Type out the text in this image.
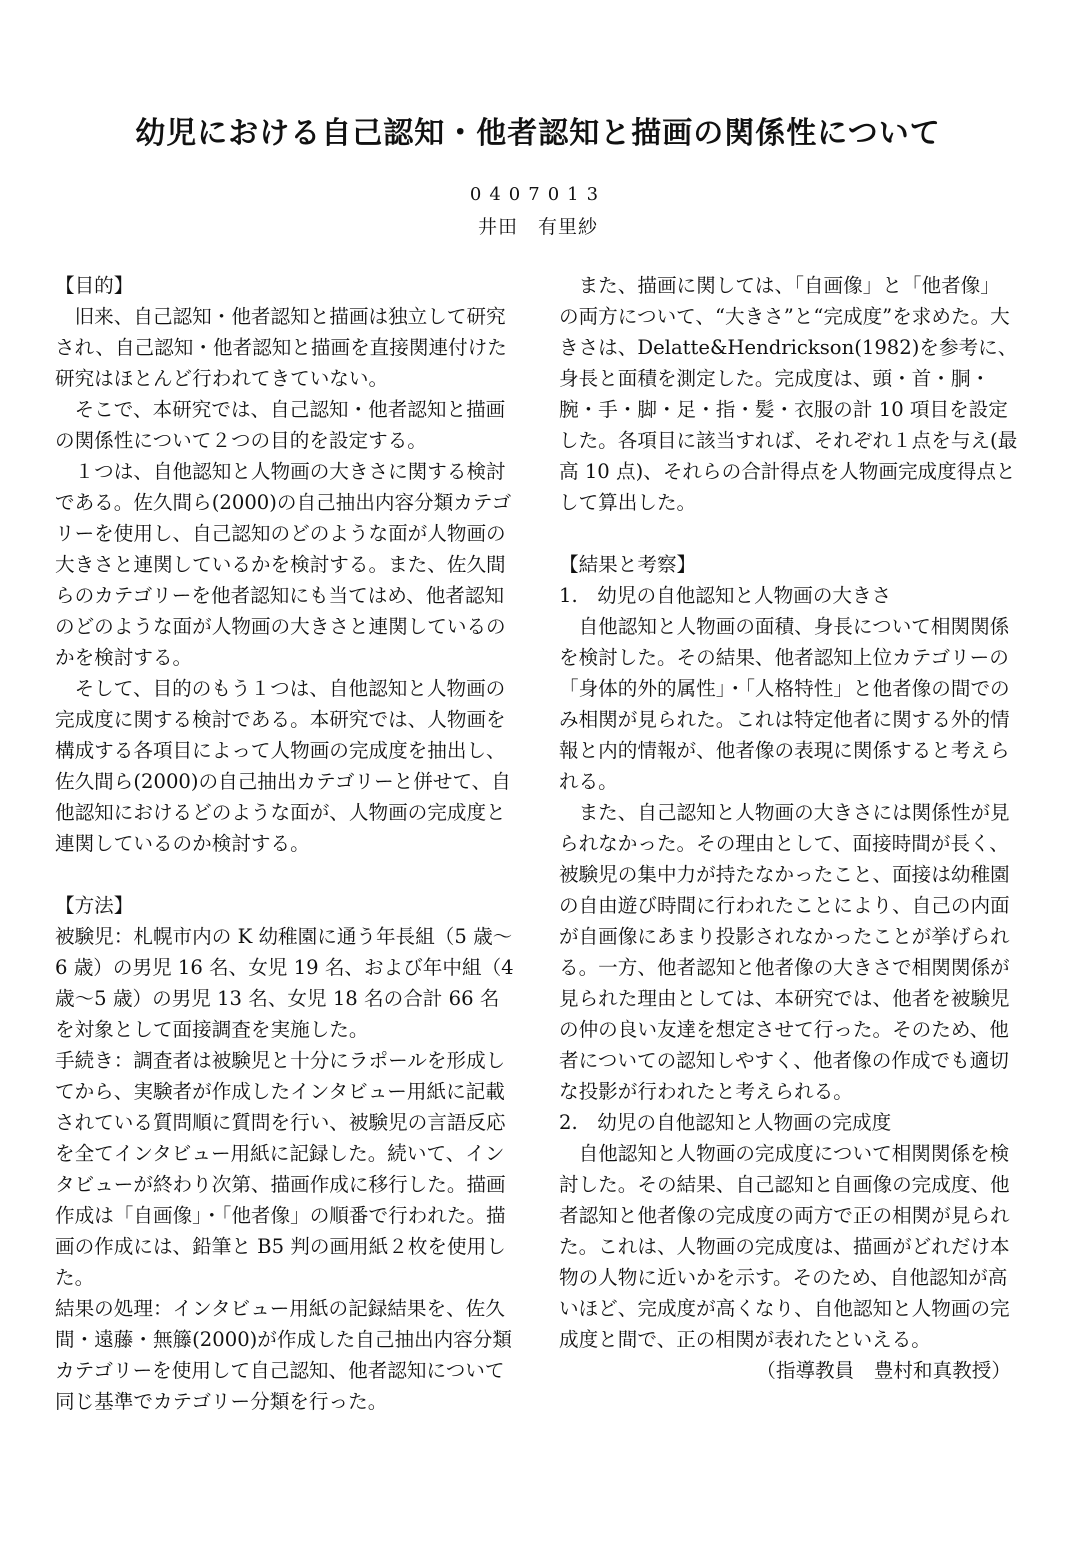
幼児における自己認知・他者認知と描画の関係性について
0407013
井田　有里紗

【目的】

旧来、自己認知・他者認知と描画は独立して研究され、自己認知・他者認知と描画を直接関連付けた研究はほとんど行われてきていない。

そこで、本研究では、自己認知・他者認知と描画の関係性について２つの目的を設定する。

１つは、自他認知と人物画の大きさに関する検討である。佐久間ら(2000)の自己抽出内容分類カテゴリーを使用し、自己認知のどのような面が人物画の大きさと連関しているかを検討する。また、佐久間らのカテゴリーを他者認知にも当てはめ、他者認知のどのような面が人物画の大きさと連関しているのかを検討する。

そして、目的のもう１つは、自他認知と人物画の完成度に関する検討である。本研究では、人物画を構成する各項目によって人物画の完成度を抽出し、佐久間ら(2000)の自己抽出カテゴリーと併せて、自他認知におけるどのような面が、人物画の完成度と連関しているのか検討する。

【方法】

被験児：札幌市内の K 幼稚園に通う年長組（5 歳～6 歳）の男児 16 名、女児 19 名、および年中組（4 歳～5 歳）の男児 13 名、女児 18 名の合計 66 名を対象として面接調査を実施した。

手続き：調査者は被験児と十分にラポールを形成してから、実験者が作成したインタビュー用紙に記載されている質問順に質問を行い、被験児の言語反応を全てインタビュー用紙に記録した。続いて、インタビューが終わり次第、描画作成に移行した。描画作成は「自画像」・「他者像」の順番で行われた。描画の作成には、鉛筆と B5 判の画用紙２枚を使用した。

結果の処理：インタビュー用紙の記録結果を、佐久間・遠藤・無籐(2000)が作成した自己抽出内容分類カテゴリーを使用して自己認知、他者認知について同じ基準でカテゴリー分類を行った。

また、描画に関しては、「自画像」と「他者像」の両方について、“大きさ”と“完成度”を求めた。大きさは、Delatte&Hendrickson(1982)を参考に、身長と面積を測定した。完成度は、頭・首・胴・腕・手・脚・足・指・髪・衣服の計 10 項目を設定した。各項目に該当すれば、それぞれ１点を与え(最高 10 点)、それらの合計得点を人物画完成度得点として算出した。

【結果と考察】

1.　幼児の自他認知と人物画の大きさ

自他認知と人物画の面積、身長について相関関係を検討した。その結果、他者認知上位カテゴリーの「身体的外的属性」・「人格特性」と他者像の間でのみ相関が見られた。これは特定他者に関する外的情報と内的情報が、他者像の表現に関係すると考えられる。

また、自己認知と人物画の大きさには関係性が見られなかった。その理由として、面接時間が長く、被験児の集中力が持たなかったこと、面接は幼稚園の自由遊び時間に行われたことにより、自己の内面が自画像にあまり投影されなかったことが挙げられる。一方、他者認知と他者像の大きさで相関関係が見られた理由としては、本研究では、他者を被験児の仲の良い友達を想定させて行った。そのため、他者についての認知しやすく、他者像の作成でも適切な投影が行われたと考えられる。

2.　幼児の自他認知と人物画の完成度

自他認知と人物画の完成度について相関関係を検討した。その結果、自己認知と自画像の完成度、他者認知と他者像の完成度の両方で正の相関が見られた。これは、人物画の完成度は、描画がどれだけ本物の人物に近いかを示す。そのため、自他認知が高いほど、完成度が高くなり、自他認知と人物画の完成度と間で、正の相関が表れたといえる。

（指導教員　豊村和真教授）
